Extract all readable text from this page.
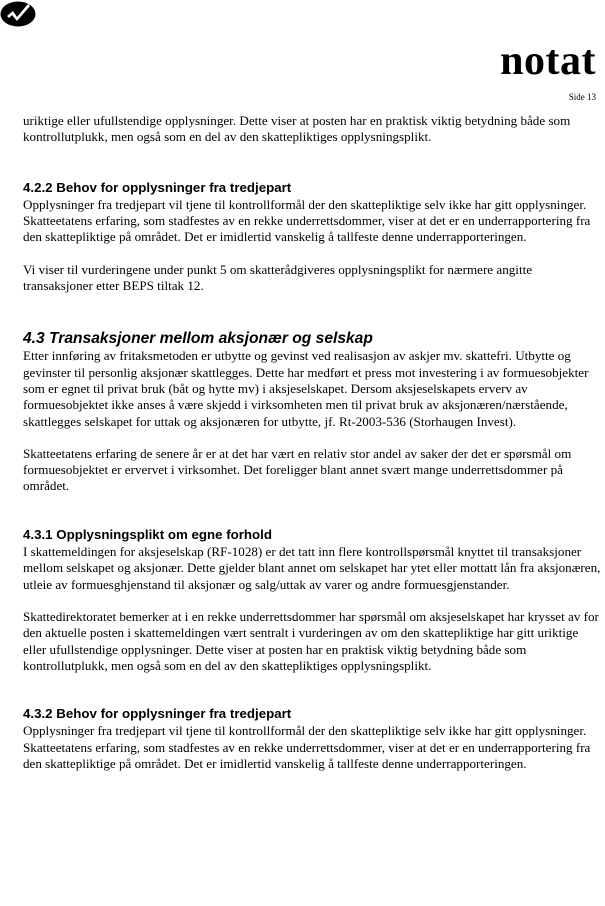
notat
Side 13

uriktige eller ufullstendige opplysninger. Dette viser at posten har en praktisk viktig betydning både som kontrollutplukk, men også som en del av den skattepliktiges opplysningsplikt.

4.2.2 Behov for opplysninger fra tredjepart

Opplysninger fra tredjepart vil tjene til kontrollformål der den skattepliktige selv ikke har gitt opplysninger. Skatteetatens erfaring, som stadfestes av en rekke underrettsdommer, viser at det er en underrapportering fra den skattepliktige på området. Det er imidlertid vanskelig å tallfeste denne underrapporteringen.

Vi viser til vurderingene under punkt 5 om skatterådgiveres opplysningsplikt for nærmere angitte transaksjoner etter BEPS tiltak 12.

4.3 Transaksjoner mellom aksjonær og selskap

Etter innføring av fritaksmetoden er utbytte og gevinst ved realisasjon av askjer mv. skattefri. Utbytte og gevinster til personlig aksjonær skattlegges. Dette har medført et press mot investering i av formuesobjekter som er egnet til privat bruk (båt og hytte mv) i aksjeselskapet. Dersom aksjeselskapets erverv av formuesobjektet ikke anses å være skjedd i virksomheten men til privat bruk av aksjonæren/nærstående, skattlegges selskapet for uttak og aksjonæren for utbytte, jf. Rt-2003-536 (Storhaugen Invest).

Skatteetatens erfaring de senere år er at det har vært en relativ stor andel av saker der det er spørsmål om formuesobjektet er ervervet i virksomhet. Det foreligger blant annet svært mange underrettsdommer på området.

4.3.1 Opplysningsplikt om egne forhold

I skattemeldingen for aksjeselskap (RF-1028) er det tatt inn flere kontrollspørsmål knyttet til transaksjoner mellom selskapet og aksjonær. Dette gjelder blant annet om selskapet har ytet eller mottatt lån fra aksjonæren, utleie av formuesghjenstand til aksjonær og salg/uttak av varer og andre formuesgjenstander.

Skattedirektoratet bemerker at i en rekke underrettsdommer har spørsmål om aksjeselskapet har krysset av for den aktuelle posten i skattemeldingen vært sentralt i vurderingen av om den skattepliktige har gitt uriktige eller ufullstendige opplysninger. Dette viser at posten har en praktisk viktig betydning både som kontrollutplukk, men også som en del av den skattepliktiges opplysningsplikt.

4.3.2 Behov for opplysninger fra tredjepart

Opplysninger fra tredjepart vil tjene til kontrollformål der den skattepliktige selv ikke har gitt opplysninger. Skatteetatens erfaring, som stadfestes av en rekke underrettsdommer, viser at det er en underrapportering fra den skattepliktige på området. Det er imidlertid vanskelig å tallfeste denne underrapporteringen.
